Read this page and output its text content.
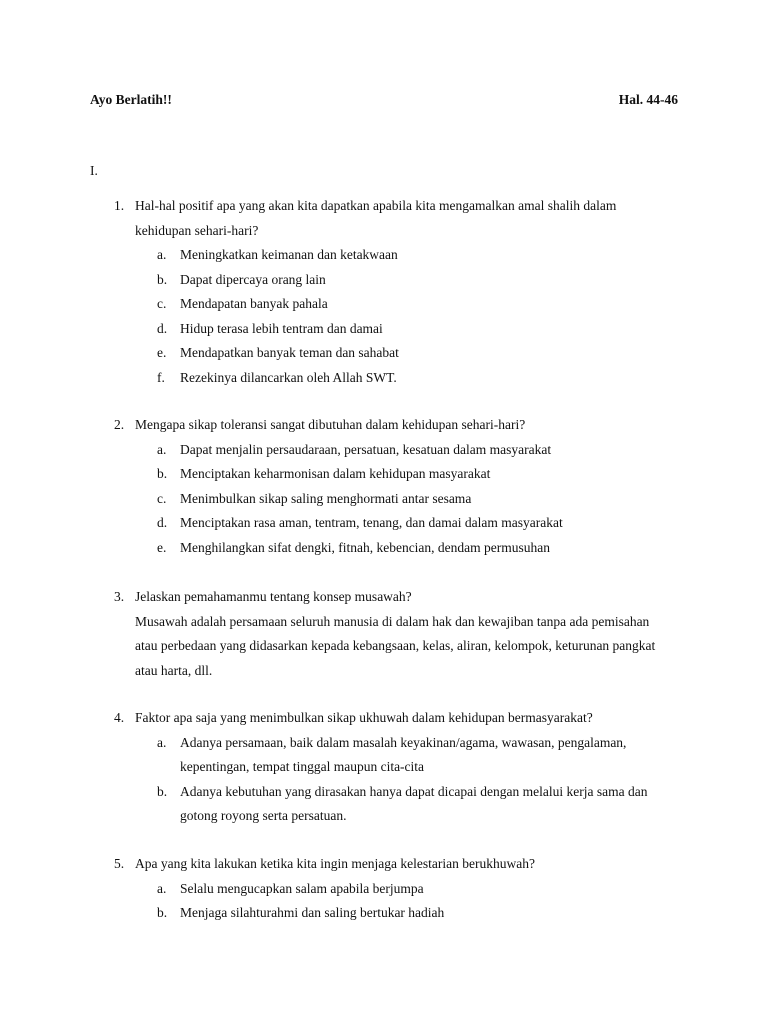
Ayo Berlatih!!	Hal. 44-46
I.
1. Hal-hal positif apa yang akan kita dapatkan apabila kita mengamalkan amal shalih dalam
kehidupan sehari-hari?
a. Meningkatkan keimanan dan ketakwaan
b. Dapat dipercaya orang lain
c. Mendapatan banyak pahala
d. Hidup terasa lebih tentram dan damai
e. Mendapatkan banyak teman dan sahabat
f. Rezekinya dilancarkan oleh Allah SWT.
2. Mengapa sikap toleransi sangat dibutuhan dalam kehidupan sehari-hari?
a. Dapat menjalin persaudaraan, persatuan, kesatuan dalam masyarakat
b. Menciptakan keharmonisan dalam kehidupan masyarakat
c. Menimbulkan sikap saling menghormati antar sesama
d. Menciptakan rasa aman, tentram, tenang, dan damai dalam masyarakat
e. Menghilangkan sifat dengki, fitnah, kebencian, dendam permusuhan
3. Jelaskan pemahamanmu tentang konsep musawah?
Musawah adalah persamaan seluruh manusia di dalam hak dan kewajiban tanpa ada pemisahan
atau perbedaan yang didasarkan kepada kebangsaan, kelas, aliran, kelompok, keturunan pangkat
atau harta, dll.
4. Faktor apa saja yang menimbulkan sikap ukhuwah dalam kehidupan bermasyarakat?
a. Adanya persamaan, baik dalam masalah keyakinan/agama, wawasan, pengalaman,
kepentingan, tempat tinggal maupun cita-cita
b. Adanya kebutuhan yang dirasakan hanya dapat dicapai dengan melalui kerja sama dan
gotong royong serta persatuan.
5. Apa yang kita lakukan ketika kita ingin menjaga kelestarian berukhuwah?
a. Selalu mengucapkan salam apabila berjumpa
b. Menjaga silahturahmi dan saling bertukar hadiah
